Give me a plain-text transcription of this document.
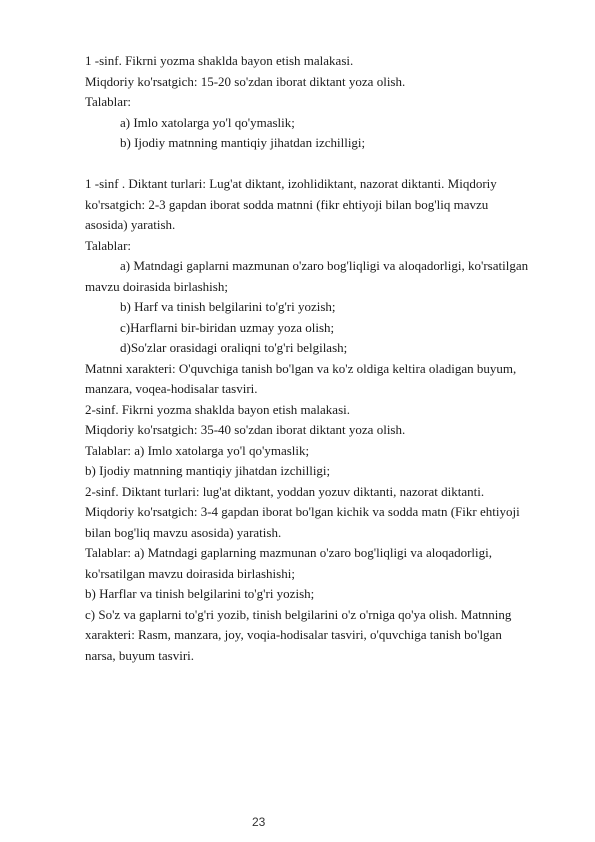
1 -sinf. Fikrni yozma shaklda bayon etish malakasi.
Miqdoriy ko'rsatgich: 15-20 so'zdan iborat diktant yoza olish.
Talablar:
a) Imlo xatolarga yo'l qo'ymaslik;
b) Ijodiy matnning mantiqiy jihatdan izchilligi;
1 -sinf . Diktant turlari: Lug'at diktant, izohlidiktant, nazorat diktanti. Miqdoriy
ko'rsatgich: 2-3 gapdan iborat sodda matnni (fikr ehtiyoji bilan bog'liq mavzu
asosida) yaratish.
Talablar:
a) Matndagi gaplarni mazmunan o'zaro bog'liqligi va aloqadorligi, ko'rsatilgan
mavzu doirasida birlashish;
b) Harf va tinish belgilarini to'g'ri yozish;
c)Harflarni bir-biridan uzmay yoza olish;
d)So'zlar orasidagi oraliqni to'g'ri belgilash;
Matnni xarakteri: O'quvchiga tanish bo'lgan va ko'z oldiga keltira oladigan buyum,
manzara, voqea-hodisalar tasviri.
2-sinf. Fikrni yozma shaklda bayon etish malakasi.
Miqdoriy ko'rsatgich: 35-40 so'zdan iborat diktant yoza olish.
Talablar: a) Imlo xatolarga yo'l qo'ymaslik;
b) Ijodiy matnning mantiqiy jihatdan izchilligi;
2-sinf. Diktant turlari: lug'at diktant, yoddan yozuv diktanti, nazorat diktanti.
Miqdoriy ko'rsatgich: 3-4 gapdan iborat bo'lgan kichik va sodda matn (Fikr ehtiyoji
bilan bog'liq mavzu asosida) yaratish.
Talablar: a) Matndagi gaplarning mazmunan o'zaro bog'liqligi va aloqadorligi,
ko'rsatilgan mavzu doirasida birlashishi;
b) Harflar va tinish belgilarini to'g'ri yozish;
c) So'z va gaplarni to'g'ri yozib, tinish belgilarini o'z o'rniga qo'ya olish. Matnning
xarakteri: Rasm, manzara, joy, voqia-hodisalar tasviri, o'quvchiga tanish bo'lgan
narsa, buyum tasviri.
23
